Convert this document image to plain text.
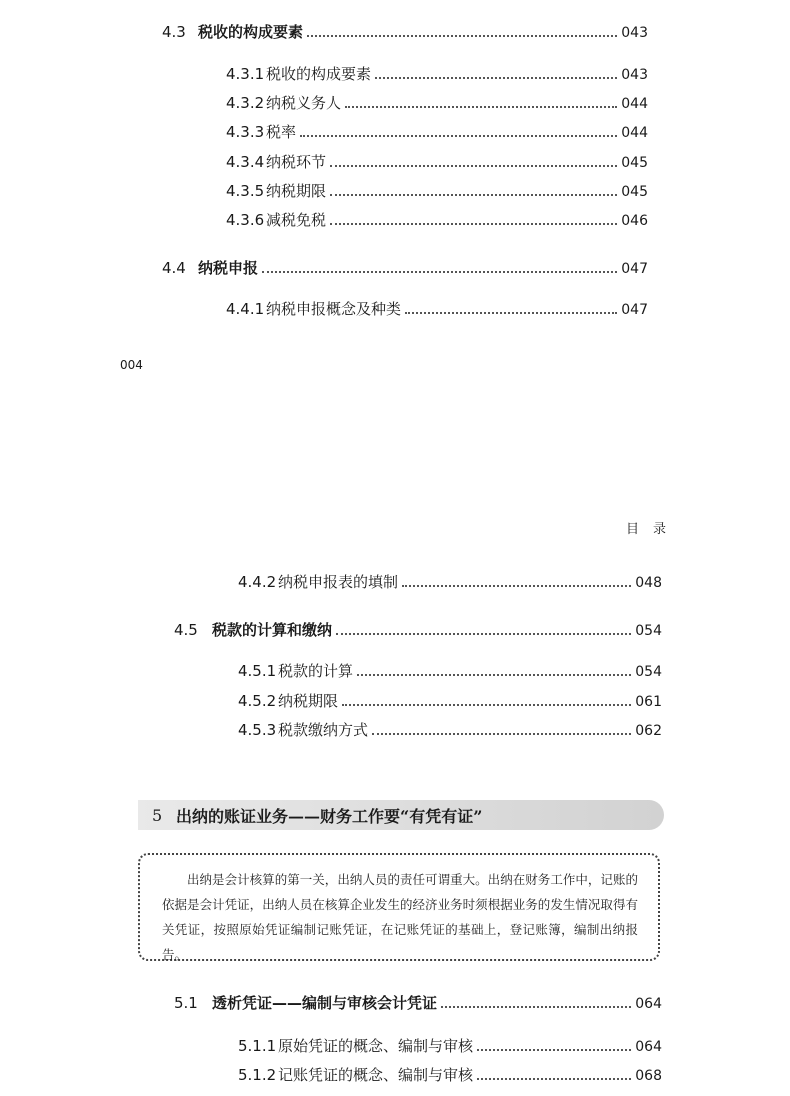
4.3 税收的构成要素	043
4.3.1 税收的构成要素	043
4.3.2 纳税义务人	044
4.3.3 税率	044
4.3.4 纳税环节	045
4.3.5 纳税期限	045
4.3.6 减税免税	046
4.4 纳税申报	047
4.4.1 纳税申报概念及种类	047
004
目录
4.4.2 纳税申报表的填制	048
4.5 税款的计算和缴纳	054
4.5.1 税款的计算	054
4.5.2 纳税期限	061
4.5.3 税款缴纳方式	062
5 出纳的账证业务——财务工作要“有凭有证”

出纳是会计核算的第一关，出纳人员的责任可谓重大。出纳在财务工作中，记账的依据是会计凭证，出纳人员在核算企业发生的经济业务时须根据业务的发生情况取得有关凭证，按照原始凭证编制记账凭证，在记账凭证的基础上，登记账簿，编制出纳报告。

5.1 透析凭证——编制与审核会计凭证	064
5.1.1 原始凭证的概念、编制与审核	064
5.1.2 记账凭证的概念、编制与审核	068
